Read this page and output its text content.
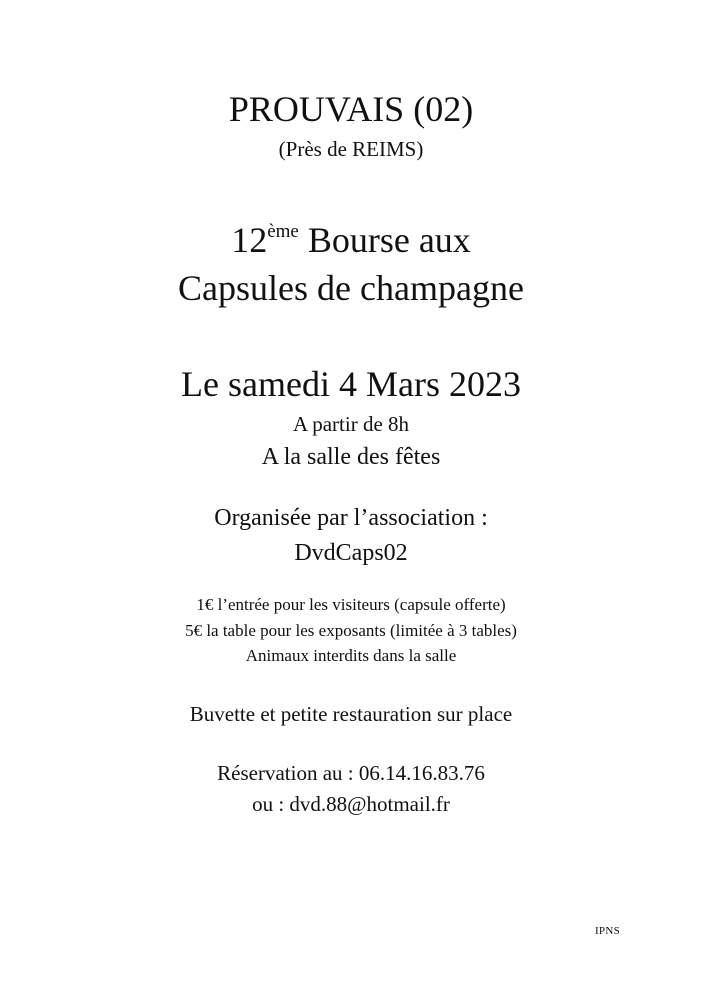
PROUVAIS (02)
(Près de REIMS)
12ème Bourse aux
Capsules de champagne
Le samedi 4 Mars 2023
A partir de 8h
A la salle des fêtes
Organisée par l’association :
DvdCaps02
1€ l’entrée pour les visiteurs (capsule offerte)
5€ la table pour les exposants (limitée à 3 tables)
Animaux interdits dans la salle
Buvette et petite restauration sur place
Réservation au : 06.14.16.83.76
ou : dvd.88@hotmail.fr
IPNS
